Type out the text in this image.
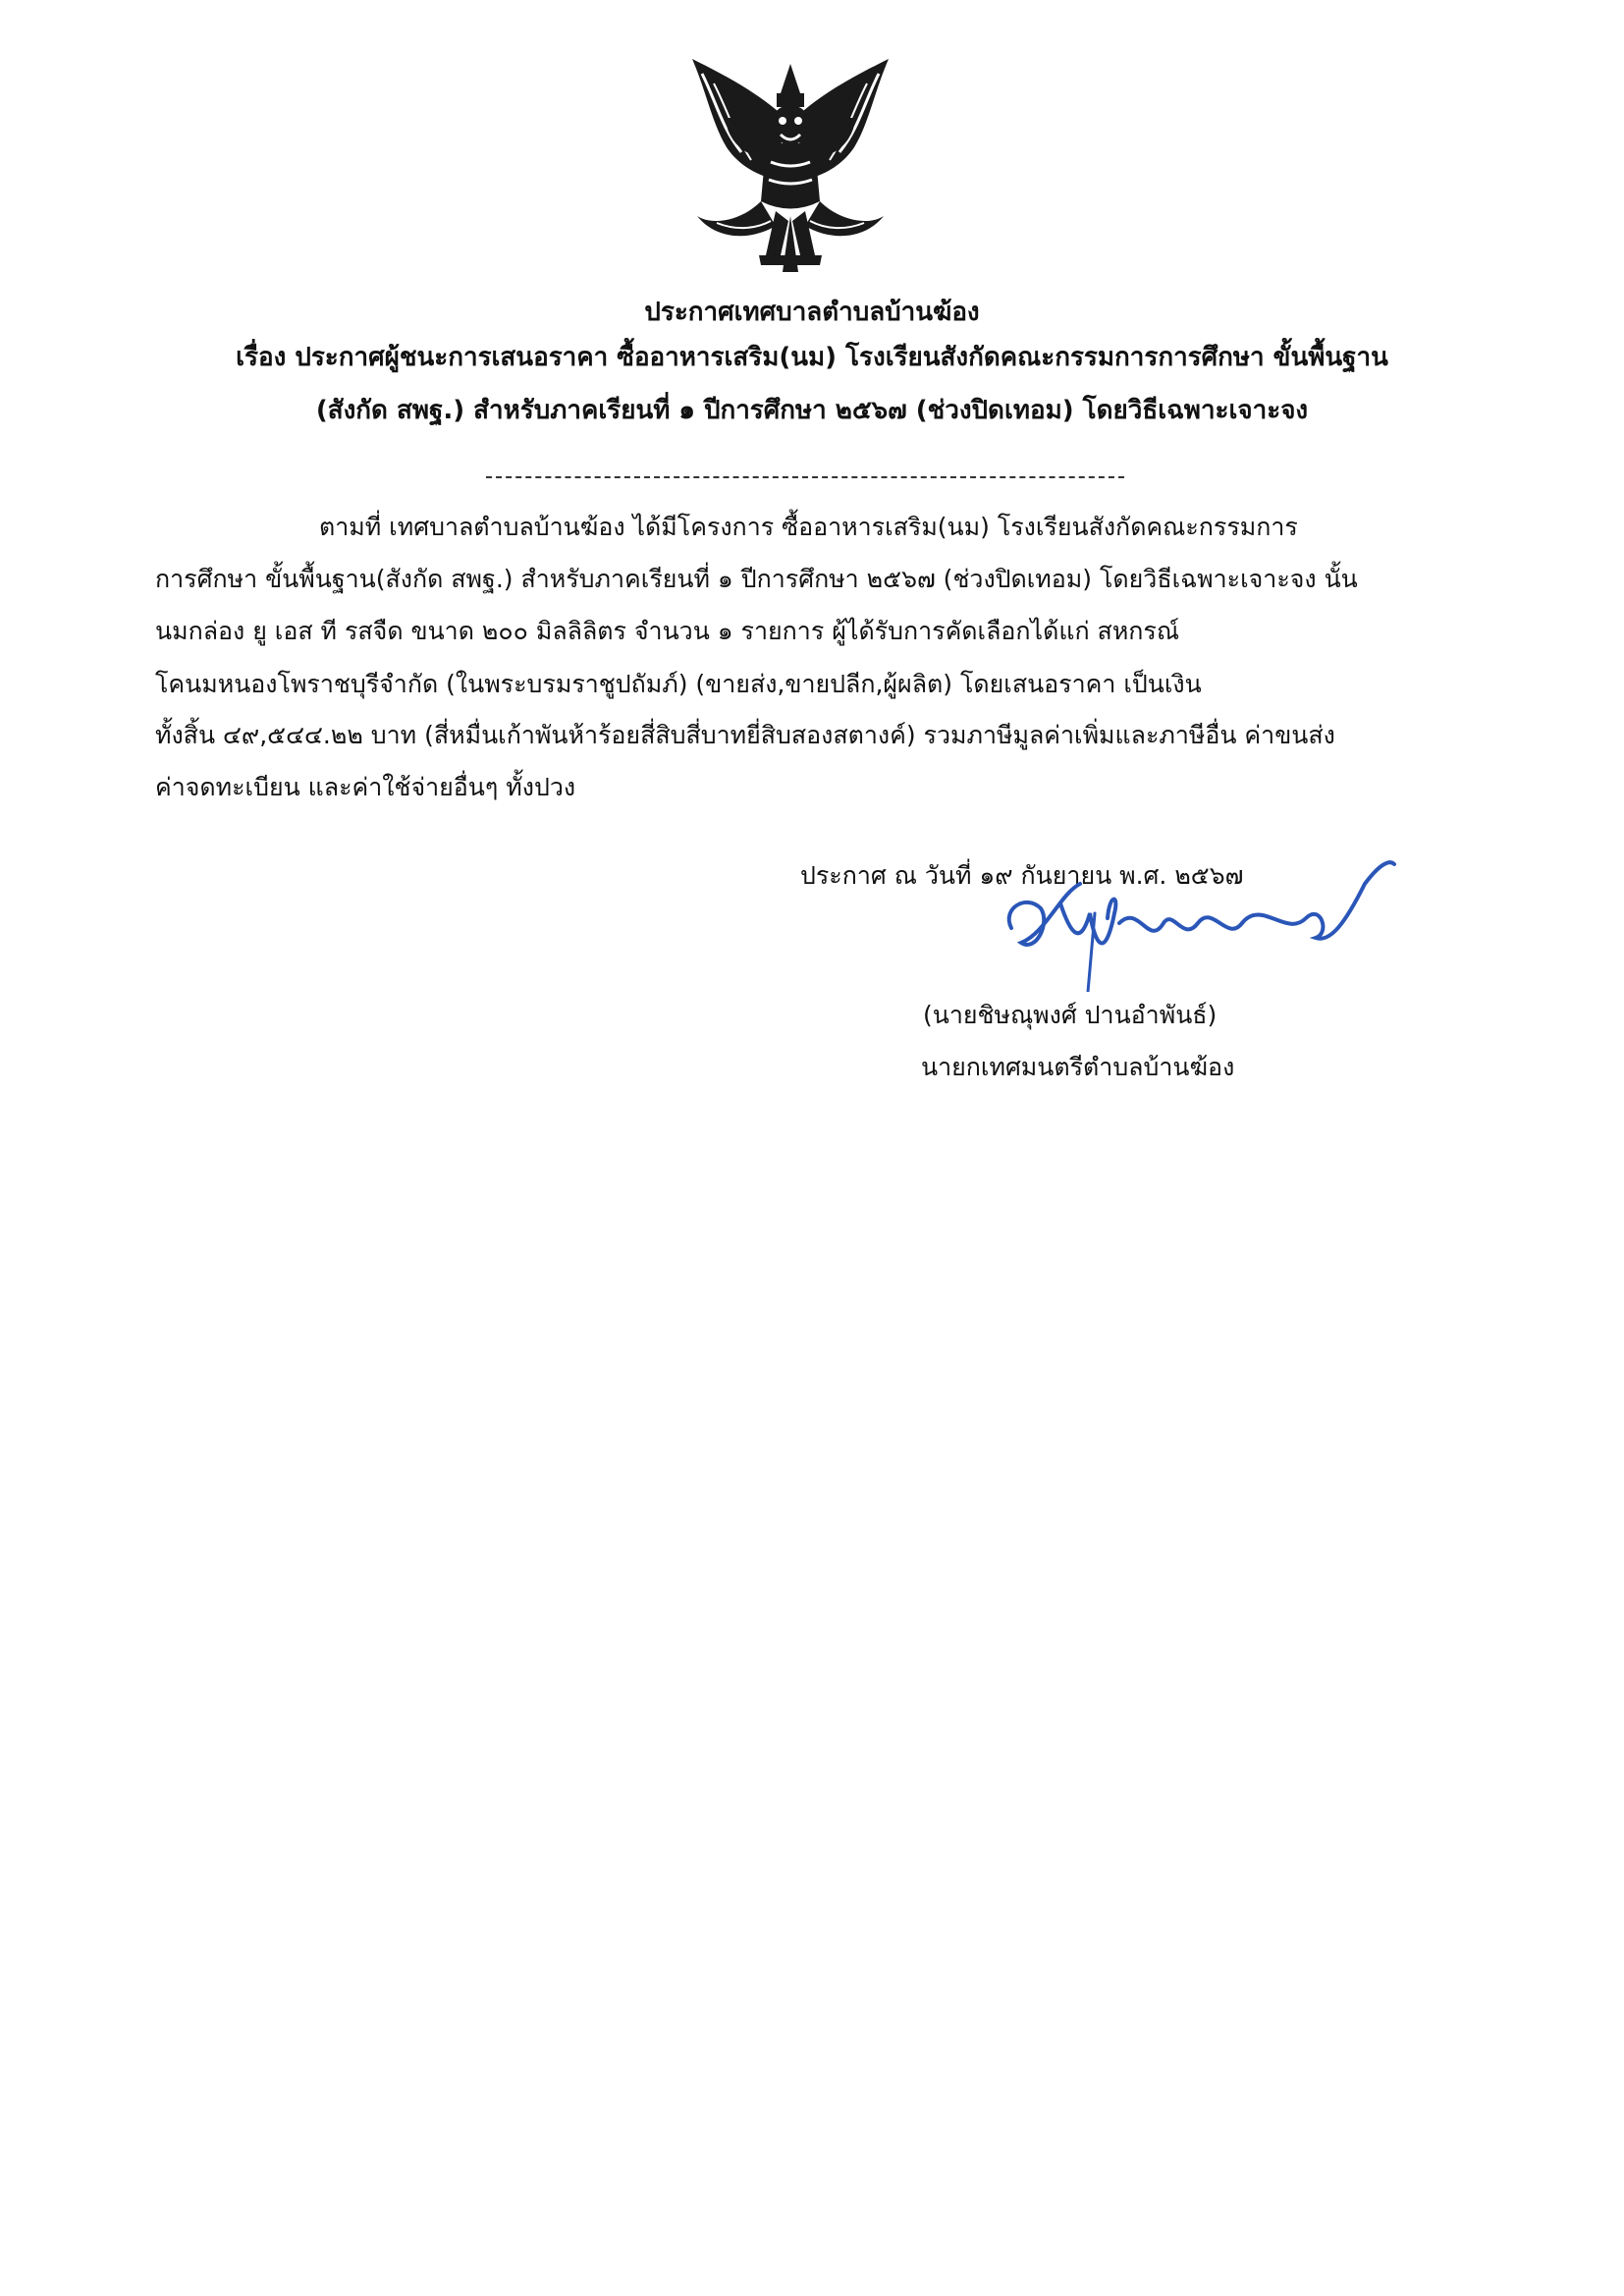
ประกาศเทศบาลตำบลบ้านฆ้อง
เรื่อง ประกาศผู้ชนะการเสนอราคา ซื้ออาหารเสริม(นม) โรงเรียนสังกัดคณะกรรมการการศึกษา ขั้นพื้นฐาน
(สังกัด สพฐ.) สำหรับภาคเรียนที่ ๑ ปีการศึกษา ๒๕๖๗ (ช่วงปิดเทอม) โดยวิธีเฉพาะเจาะจง
ตามที่ เทศบาลตำบลบ้านฆ้อง ได้มีโครงการ ซื้ออาหารเสริม(นม) โรงเรียนสังกัดคณะกรรมการ
การศึกษา ขั้นพื้นฐาน(สังกัด สพฐ.) สำหรับภาคเรียนที่ ๑ ปีการศึกษา ๒๕๖๗ (ช่วงปิดเทอม) โดยวิธีเฉพาะเจาะจง นั้น
นมกล่อง ยู เอส ที รสจืด ขนาด ๒๐๐ มิลลิลิตร จำนวน ๑ รายการ ผู้ได้รับการคัดเลือกได้แก่ สหกรณ์
โคนมหนองโพราชบุรีจำกัด (ในพระบรมราชูปถัมภ์) (ขายส่ง,ขายปลีก,ผู้ผลิต) โดยเสนอราคา เป็นเงิน
ทั้งสิ้น ๔๙,๕๔๔.๒๒ บาท (สี่หมื่นเก้าพันห้าร้อยสี่สิบสี่บาทยี่สิบสองสตางค์) รวมภาษีมูลค่าเพิ่มและภาษีอื่น ค่าขนส่ง
ค่าจดทะเบียน และค่าใช้จ่ายอื่นๆ ทั้งปวง
ประกาศ ณ วันที่ ๑๙ กันยายน พ.ศ. ๒๕๖๗
(นายชิษณุพงศ์ ปานอำพันธ์)
นายกเทศมนตรีตำบลบ้านฆ้อง
